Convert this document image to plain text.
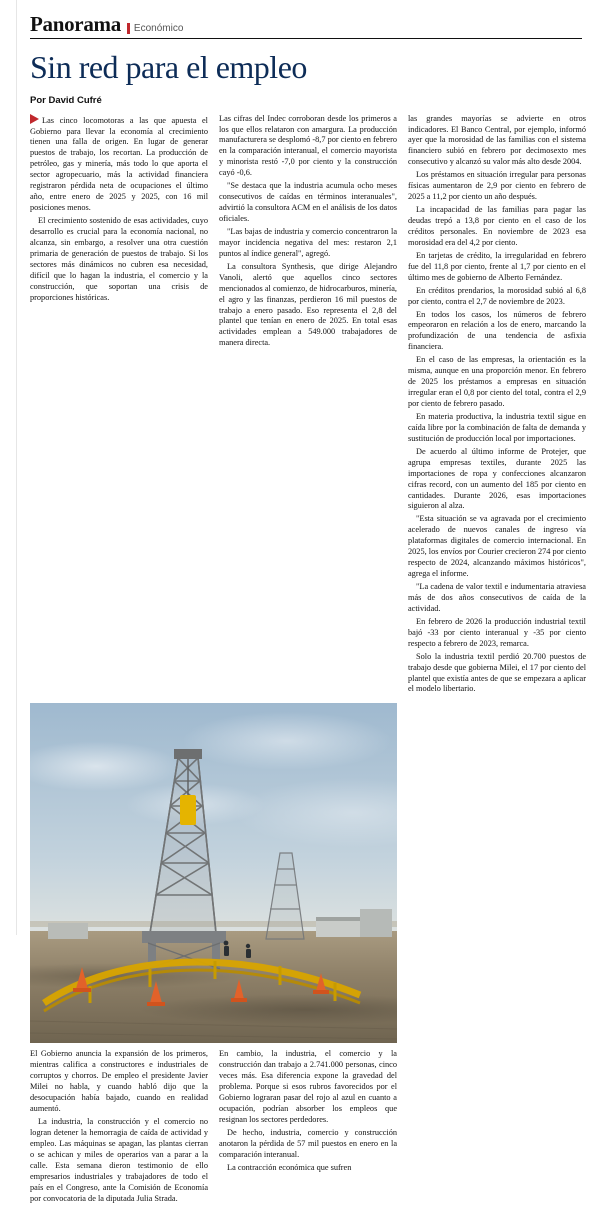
Panorama Económico
Sin red para el empleo
Por David Cufré

Las cinco locomotoras a las que apuesta el Gobierno para llevar la economía al crecimiento tienen una falla de origen. En lugar de generar puestos de trabajo, los recortan. La producción de petróleo, gas y minería, más todo lo que aporta el sector agropecuario, más la actividad financiera registraron pérdida neta de ocupaciones el último año, entre enero de 2025 y 2025, con 16 mil posiciones menos.

El crecimiento sostenido de esas actividades, cuyo desarrollo es crucial para la economía nacional, no alcanza, sin embargo, a resolver una otra cuestión primaria de generación de puestos de trabajo. Si los sectores más dinámicos no cubren esa necesidad, difícil que lo hagan la industria, el comercio y la construcción, que soportan una crisis de proporciones históricas.

Las cifras del Indec corroboran desde los primeros a los que ellos relataron con amargura. La producción manufacturera se desplomó -8,7 por ciento en febrero en la comparación interanual, el comercio mayorista y minorista restó -7,0 por ciento y la construcción cayó -0,6.

"Se destaca que la industria acumula ocho meses consecutivos de caídas en términos interanuales", advirtió la consultora ACM en el análisis de los datos oficiales.

"Las bajas de industria y comercio concentraron la mayor incidencia negativa del mes: restaron 2,1 puntos al índice general", agregó.

La consultora Synthesis, que dirige Alejandro Vanoli, alertó que aquellos cinco sectores mencionados al comienzo, de hidrocarburos, minería, el agro y las finanzas, perdieron 16 mil puestos de trabajo a enero pasado. Eso representa el 2,8 del plantel que tenían en enero de 2025. En total esas actividades emplean a 549.000 trabajadores de manera directa.

las grandes mayorías se advierte en otros indicadores. El Banco Central, por ejemplo, informó ayer que la morosidad de las familias con el sistema financiero subió en febrero por decimosexto mes consecutivo y alcanzó su valor más alto desde 2004.

Los préstamos en situación irregular para personas físicas aumentaron de 2,9 por ciento en febrero de 2025 a 11,2 por ciento un año después.

La incapacidad de las familias para pagar las deudas trepó a 13,8 por ciento en el caso de los créditos personales. En noviembre de 2023 esa morosidad era del 4,2 por ciento.

En tarjetas de crédito, la irregularidad en febrero fue del 11,8 por ciento, frente al 1,7 por ciento en el último mes de gobierno de Alberto Fernández.

En créditos prendarios, la morosidad subió al 6,8 por ciento, contra el 2,7 de noviembre de 2023.

En todos los casos, los números de febrero empeoraron en relación a los de enero, marcando la profundización de una tendencia de asfixia financiera.

En el caso de las empresas, la orientación es la misma, aunque en una proporción menor. En febrero de 2025 los préstamos a empresas en situación irregular eran el 0,8 por ciento del total, contra el 2,9 por ciento de febrero pasado.

En materia productiva, la industria textil sigue en caída libre por la combinación de falta de demanda y sustitución de producción local por importaciones.

De acuerdo al último informe de Protejer, que agrupa empresas textiles, durante 2025 las importaciones de ropa y confecciones alcanzaron cifras record, con un aumento del 185 por ciento en cantidades. Durante 2026, esas importaciones siguieron al alza.

"Esta situación se va agravada por el crecimiento acelerado de nuevos canales de ingreso vía plataformas digitales de comercio internacional. En 2025, los envíos por Courier crecieron 274 por ciento respecto de 2024, alcanzando máximos históricos", agrega el informe.

"La cadena de valor textil e indumentaria atraviesa más de dos años consecutivos de caída de la actividad.

En febrero de 2026 la producción industrial textil bajó -33 por ciento interanual y -35 por ciento respecto a febrero de 2023, remarca.

Solo la industria textil perdió 20.700 puestos de trabajo desde que gobierna Milei, el 17 por ciento del plantel que existía antes de que se empezara a aplicar el modelo libertario.

El Gobierno anuncia la expansión de los primeros, mientras califica a constructores e industriales de corruptos y chorros. De empleo el presidente Javier Milei no habla, y cuando habló dijo que la desocupación había bajado, cuando en realidad aumentó.

La industria, la construcción y el comercio no logran detener la hemorragia de caída de actividad y empleo. Las máquinas se apagan, las plantas cierran o se achican y miles de operarios van a parar a la calle. Esta semana dieron testimonio de ello empresarios industriales y trabajadores de todo el país en el Congreso, ante la Comisión de Economía por convocatoria de la diputada Julia Strada.

En cambio, la industria, el comercio y la construcción dan trabajo a 2.741.000 personas, cinco veces más. Esa diferencia expone la gravedad del problema. Porque si esos rubros favorecidos por el Gobierno lograran pasar del rojo al azul en cuanto a ocupación, podrían absorber los empleos que resignan los sectores perdedores.

De hecho, industria, comercio y construcción anotaron la pérdida de 57 mil puestos en enero en la comparación interanual.

La contracción económica que sufren
